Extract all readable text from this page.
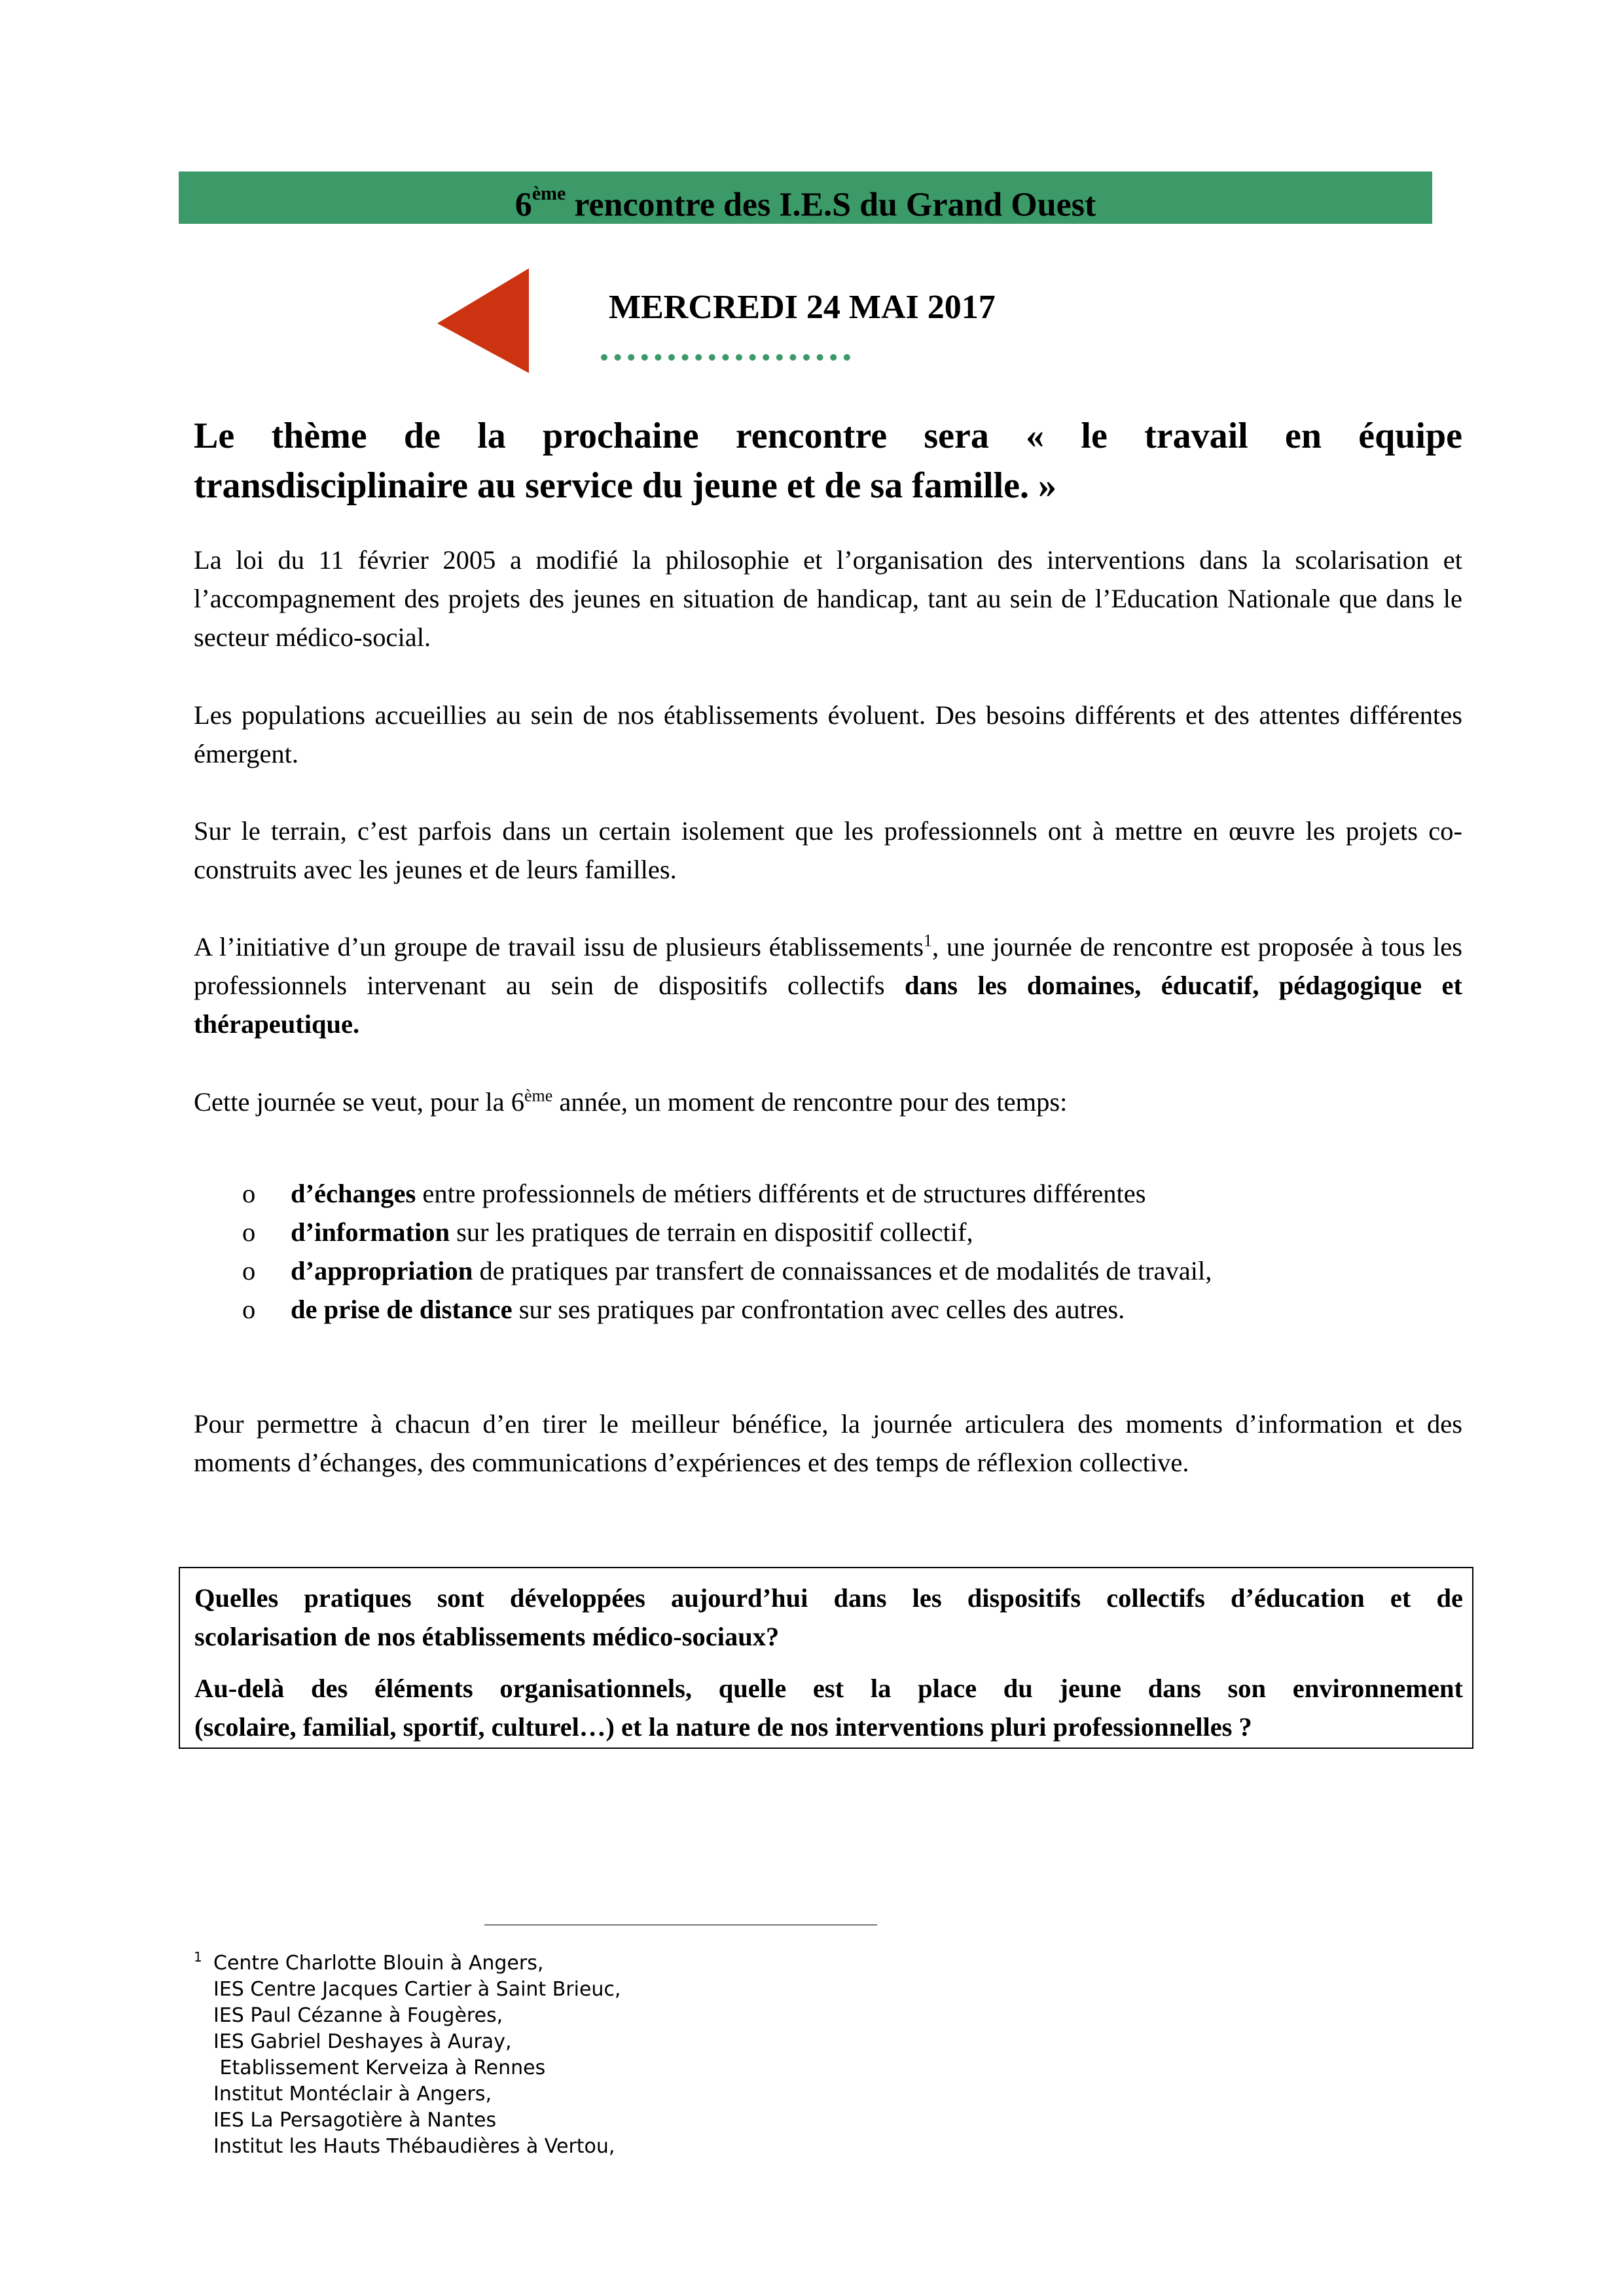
6ème rencontre des I.E.S du Grand Ouest
MERCREDI 24 MAI 2017
Le thème de la prochaine rencontre sera « le travail en équipe
transdisciplinaire au service du jeune et de sa famille. »
La loi du 11 février 2005 a modifié la philosophie et l’organisation des interventions dans la scolarisation et l’accompagnement des projets des jeunes en situation de handicap, tant au sein de l’Education Nationale que dans le secteur médico-social.
Les populations accueillies au sein de nos établissements évoluent. Des besoins différents et des attentes différentes émergent.
Sur le terrain, c’est parfois dans un certain isolement que les professionnels ont à mettre en œuvre les projets co-construits avec les jeunes et de leurs familles.
A l’initiative d’un groupe de travail issu de plusieurs établissements$^1$, une journée de rencontre est proposée à tous les professionnels intervenant au sein de dispositifs collectifs dans les domaines, éducatif, pédagogique et thérapeutique.
Cette journée se veut, pour la 6ème année, un moment de rencontre pour des temps:
o d’échanges entre professionnels de métiers différents et de structures différentes
o d’information sur les pratiques de terrain en dispositif collectif,
o d’appropriation de pratiques par transfert de connaissances et de modalités de travail,
o de prise de distance sur ses pratiques par confrontation avec celles des autres.
Pour permettre à chacun d’en tirer le meilleur bénéfice, la journée articulera des moments d’information et des moments d’échanges, des communications d’expériences et des temps de réflexion collective.
Quelles pratiques sont développées aujourd’hui dans les dispositifs collectifs d’éducation et de
scolarisation de nos établissements médico-sociaux?
Au-delà des éléments organisationnels, quelle est la place du jeune dans son environnement
(scolaire, familial, sportif, culturel…) et la nature de nos interventions pluri professionnelles ?
1 Centre Charlotte Blouin à Angers,
IES Centre Jacques Cartier à Saint Brieuc,
IES Paul Cézanne à Fougères,
IES Gabriel Deshayes à Auray,
Etablissement Kerveiza à Rennes
Institut Montéclair à Angers,
IES La Persagotière à Nantes
Institut les Hauts Thébaudières à Vertou,
